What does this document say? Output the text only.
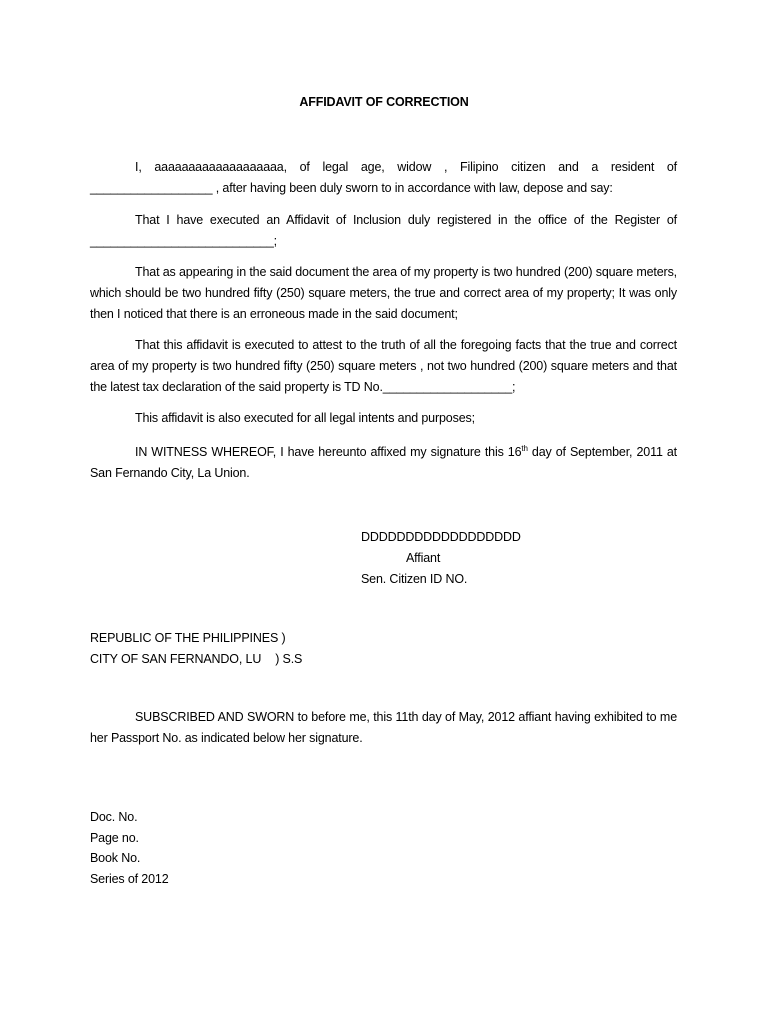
AFFIDAVIT OF CORRECTION

I, aaaaaaaaaaaaaaaaaaa, of legal age, widow , Filipino citizen and a resident of __________________ , after having been duly sworn to in accordance with law, depose and say:

That I have executed an Affidavit of Inclusion duly registered in the office of the Register of ___________________________;

That as appearing in the said document the area of my property is two hundred (200) square meters, which should be two hundred fifty (250) square meters, the true and correct area of my property; It was only then I noticed that there is an erroneous made in the said document;

That this affidavit is executed to attest to the truth of all the foregoing facts that the true and correct area of my property is two hundred fifty (250) square meters , not two hundred (200) square meters and that the latest tax declaration of the said property is TD No.___________________;

This affidavit is also executed for all legal intents and purposes;

IN WITNESS WHEREOF, I have hereunto affixed my signature this 16th day of September, 2011 at San Fernando City, La Union.

DDDDDDDDDDDDDDDDDD
Affiant
Sen. Citizen ID NO.
REPUBLIC OF THE PHILIPPINES )
CITY OF SAN FERNANDO, LU ) S.S

SUBSCRIBED AND SWORN to before me, this 11th day of May, 2012 affiant having exhibited to me her Passport No. as indicated below her signature.

Doc. No.
Page no.
Book No.
Series of 2012
